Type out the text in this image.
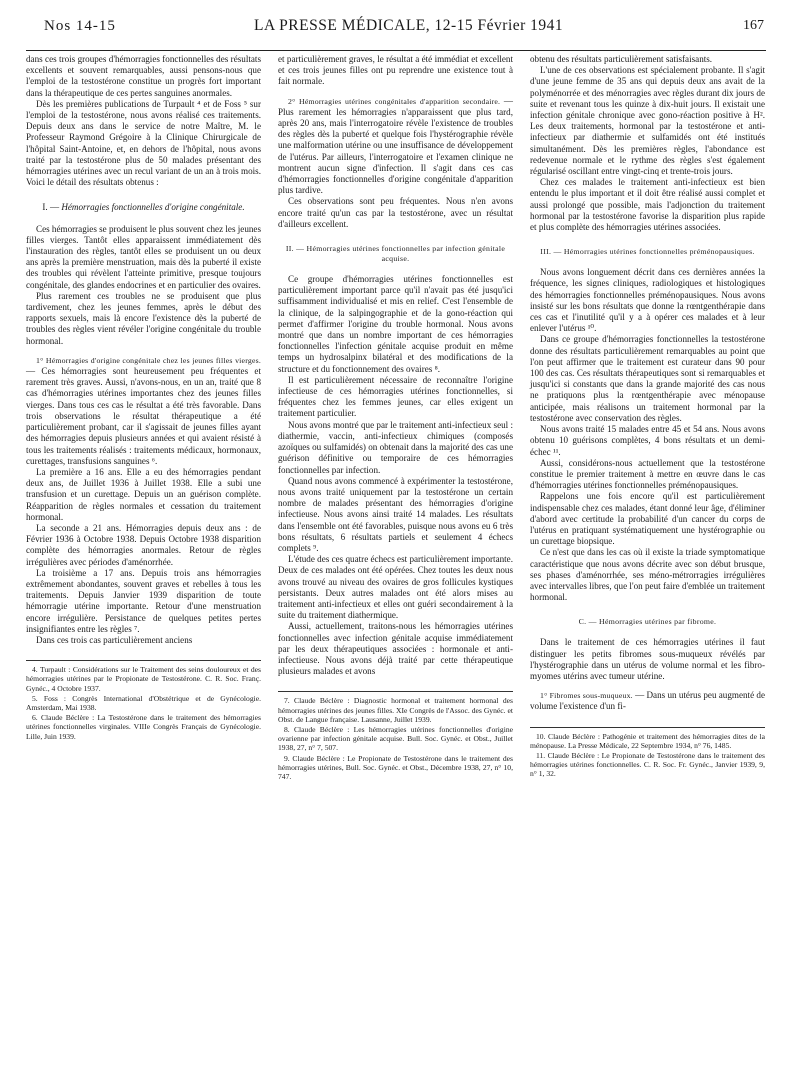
Nos 14-15	LA PRESSE MÉDICALE, 12-15 Février 1941	167

dans ces trois groupes d'hémorragies fonctionnelles des résultats excellents et souvent remarquables, aussi pensons-nous que l'emploi de la testostérone constitue un progrès fort important dans la thérapeutique de ces pertes sanguines anormales.

Dès les premières publications de Turpault ⁴ et de Foss ⁵ sur l'emploi de la testostérone, nous avons réalisé ces traitements. Depuis deux ans dans le service de notre Maître, M. le Professeur Raymond Grégoire à la Clinique Chirurgicale de l'hôpital Saint-Antoine, et, en dehors de l'hôpital, nous avons traité par la testostérone plus de 50 malades présentant des hémorragies utérines avec un recul variant de un an à trois mois. Voici le détail des résultats obtenus :

I. — Hémorragies fonctionnelles d'origine congénitale.

Ces hémorragies se produisent le plus souvent chez les jeunes filles vierges. Tantôt elles apparaissent immédiatement dès l'instauration des règles, tantôt elles se produisent un ou deux ans après la première menstruation, mais dès la puberté il existe des troubles qui révèlent l'atteinte primitive, presque toujours congénitale, des glandes endocrines et en particulier des ovaires.

Plus rarement ces troubles ne se produisent que plus tardivement, chez les jeunes femmes, après le début des rapports sexuels, mais là encore l'existence dès la puberté de troubles des règles vient révéler l'origine congénitale du trouble hormonal.

1° Hémorragies d'origine congénitale chez les jeunes filles vierges. — Ces hémorragies sont heureusement peu fréquentes et rarement très graves. Aussi, n'avons-nous, en un an, traité que 8 cas d'hémorragies utérines importantes chez des jeunes filles vierges. Dans tous ces cas le résultat a été très favorable. Dans trois observations le résultat thérapeutique a été particulièrement probant, car il s'agissait de jeunes filles ayant des hémorragies depuis plusieurs années et qui avaient résisté à tous les traitements réalisés : traitements médicaux, hormonaux, curettages, transfusions sanguines ⁶.

La première a 16 ans. Elle a eu des hémorragies pendant deux ans, de Juillet 1936 à Juillet 1938. Elle a subi une transfusion et un curettage. Depuis un an guérison complète. Réapparition de règles normales et cessation du traitement hormonal.

La seconde a 21 ans. Hémorragies depuis deux ans : de Février 1936 à Octobre 1938. Depuis Octobre 1938 disparition complète des hémorragies anormales. Retour de règles irrégulières avec périodes d'aménorrhée.

La troisième a 17 ans. Depuis trois ans hémorragies extrêmement abondantes, souvent graves et rebelles à tous les traitements. Depuis Janvier 1939 disparition de toute hémorragie utérine importante. Retour d'une menstruation encore irrégulière. Persistance de quelques petites pertes insignifiantes entre les règles ⁷.

Dans ces trois cas particulièrement anciens

4. Turpault : Considérations sur le Traitement des seins douloureux et des hémorragies utérines par le Propionate de Testostérone. C. R. Soc. Franç. Gynéc., 4 Octobre 1937.

5. Foss : Congrès International d'Obstétrique et de Gynécologie. Amsterdam, Mai 1938.

6. Claude Béclère : La Testostérone dans le traitement des hémorragies utérines fonctionnelles virginales. VIIIe Congrès Français de Gynécologie. Lille, Juin 1939.

et particulièrement graves, le résultat a été immédiat et excellent et ces trois jeunes filles ont pu reprendre une existence tout à fait normale.

2° Hémorragies utérines congénitales d'apparition secondaire. — Plus rarement les hémorragies n'apparaissent que plus tard, après 20 ans, mais l'interrogatoire révèle l'existence de troubles des règles dès la puberté et quelque fois l'hystérographie révèle une malformation utérine ou une insuffisance de développement de l'utérus. Par ailleurs, l'interrogatoire et l'examen clinique ne montrent aucun signe d'infection. Il s'agit dans ces cas d'hémorragies fonctionnelles d'origine congénitale d'apparition plus tardive.

Ces observations sont peu fréquentes. Nous n'en avons encore traité qu'un cas par la testostérone, avec un résultat d'ailleurs excellent.

II. — Hémorragies utérines fonctionnelles par infection génitale acquise.

Ce groupe d'hémorragies utérines fonctionnelles est particulièrement important parce qu'il n'avait pas été jusqu'ici suffisamment individualisé et mis en relief. C'est l'ensemble de la clinique, de la salpingographie et de la gono-réaction qui permet d'affirmer l'origine du trouble hormonal. Nous avons montré que dans un nombre important de ces hémorragies fonctionnelles l'infection génitale acquise produit en même temps un hydrosalpinx bilatéral et des modifications de la structure et du fonctionnement des ovaires ⁸.

Il est particulièrement nécessaire de reconnaître l'origine infectieuse de ces hémorragies utérines fonctionnelles, si fréquentes chez les femmes jeunes, car elles exigent un traitement particulier.

Nous avons montré que par le traitement anti-infectieux seul : diathermie, vaccin, anti-infectieux chimiques (composés azoïques ou sulfamidés) on obtenait dans la majorité des cas une guérison définitive ou temporaire de ces hémorragies fonctionnelles par infection.

Quand nous avons commencé à expérimenter la testostérone, nous avons traité uniquement par la testostérone un certain nombre de malades présentant des hémorragies d'origine infectieuse. Nous avons ainsi traité 14 malades. Les résultats dans l'ensemble ont été favorables, puisque nous avons eu 6 très bons résultats, 6 résultats partiels et seulement 4 échecs complets ⁹.

L'étude des ces quatre échecs est particulièrement importante. Deux de ces malades ont été opérées. Chez toutes les deux nous avons trouvé au niveau des ovaires de gros follicules kystiques persistants. Deux autres malades ont été alors mises au traitement anti-infectieux et elles ont guéri secondairement à la suite du traitement diathermique.

Aussi, actuellement, traitons-nous les hémorragies utérines fonctionnelles avec infection génitale acquise immédiatement par les deux thérapeutiques associées : hormonale et anti-infectieuse. Nous avons déjà traité par cette thérapeutique plusieurs malades et avons

7. Claude Béclère : Diagnostic hormonal et traitement hormonal des hémorragies utérines des jeunes filles. XIe Congrès de l'Assoc. des Gynéc. et Obst. de Langue française. Lausanne, Juillet 1939.

8. Claude Béclère : Les hémorragies utérines fonctionnelles d'origine ovarienne par infection génitale acquise. Bull. Soc. Gynéc. et Obst., Juillet 1938, 27, n° 7, 507.

9. Claude Béclère : Le Propionate de Testostérone dans le traitement des hémorragies utérines, Bull. Soc. Gynéc. et Obst., Décembre 1938, 27, n° 10, 747.

obtenu des résultats particulièrement satisfaisants.

L'une de ces observations est spécialement probante. Il s'agit d'une jeune femme de 35 ans qui depuis deux ans avait de la polyménorrée et des ménorragies avec règles durant dix jours de suite et revenant tous les quinze à dix-huit jours. Il existait une infection génitale chronique avec gono-réaction positive à H². Les deux traitements, hormonal par la testostérone et anti-infectieux par diathermie et sulfamidés ont été institués simultanément. Dès les premières règles, l'abondance est redevenue normale et le rythme des règles s'est également régularisé oscillant entre vingt-cinq et trente-trois jours.

Chez ces malades le traitement anti-infectieux est bien entendu le plus important et il doit être réalisé aussi complet et aussi prolongé que possible, mais l'adjonction du traitement hormonal par la testostérone favorise la disparition plus rapide et plus complète des hémorragies utérines associées.

III. — Hémorragies utérines fonctionnelles préménopausiques.

Nous avons longuement décrit dans ces dernières années la fréquence, les signes cliniques, radiologiques et histologiques des hémorragies fonctionnelles préménopausiques. Nous avons insisté sur les bons résultats que donne la rœntgenthérapie dans ces cas et l'inutilité qu'il y a à opérer ces malades et à leur enlever l'utérus ¹⁰.

Dans ce groupe d'hémorragies fonctionnelles la testostérone donne des résultats particulièrement remarquables au point que l'on peut affirmer que le traitement est curateur dans 90 pour 100 des cas. Ces résultats thérapeutiques sont si remarquables et jusqu'ici si constants que dans la grande majorité des cas nous ne pratiquons plus la rœntgenthérapie avec ménopause anticipée, mais réalisons un traitement hormonal par la testostérone avec conservation des règles.

Nous avons traité 15 malades entre 45 et 54 ans. Nous avons obtenu 10 guérisons complètes, 4 bons résultats et un demi-échec ¹¹.

Aussi, considérons-nous actuellement que la testostérone constitue le premier traitement à mettre en œuvre dans le cas d'hémorragies utérines fonctionnelles préménopausiques.

Rappelons une fois encore qu'il est particulièrement indispensable chez ces malades, étant donné leur âge, d'éliminer d'abord avec certitude la probabilité d'un cancer du corps de l'utérus en pratiquant systématiquement une hystérographie ou un curettage biopsique.

Ce n'est que dans les cas où il existe la triade symptomatique caractéristique que nous avons décrite avec son début brusque, ses phases d'aménorrhée, ses méno-métrorragies irrégulières avec intervalles libres, que l'on peut faire d'emblée un traitement hormonal.

C. — Hémorragies utérines par fibrome.

Dans le traitement de ces hémorragies utérines il faut distinguer les petits fibromes sous-muqueux révélés par l'hystérographie dans un utérus de volume normal et les fibro-myomes utérins avec tumeur utérine.

1° Fibromes sous-muqueux. — Dans un utérus peu augmenté de volume l'existence d'un fi-

10. Claude Béclère : Pathogénie et traitement des hémorragies dites de la ménopause. La Presse Médicale, 22 Septembre 1934, n° 76, 1485.

11. Claude Béclère : Le Propionate de Testostérone dans le traitement des hémorragies utérines fonctionnelles. C. R. Soc. Fr. Gynéc., Janvier 1939, 9, n° 1, 32.
